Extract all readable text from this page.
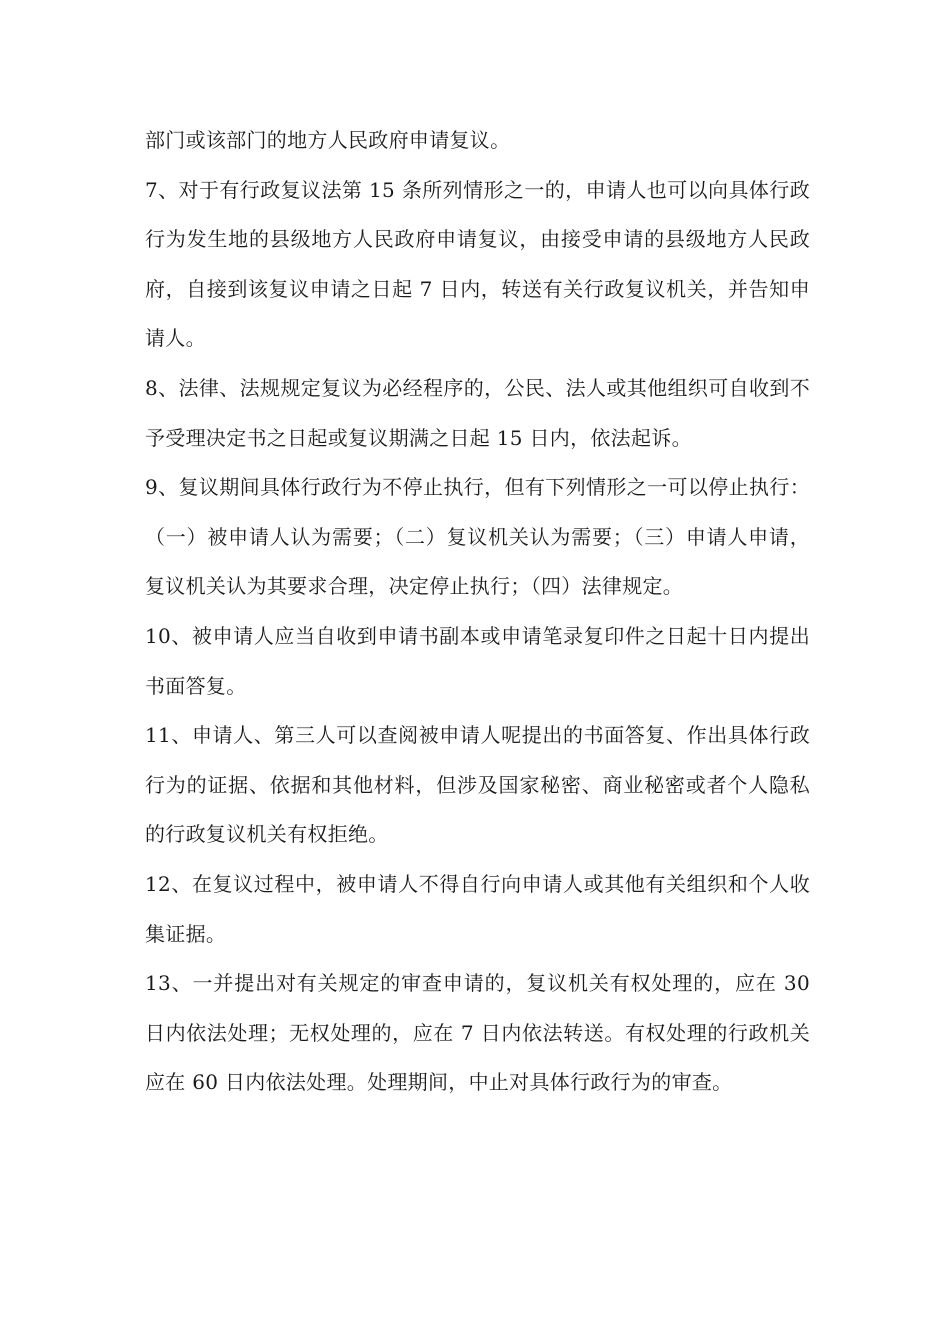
部门或该部门的地方人民政府申请复议。

7、对于有行政复议法第 15 条所列情形之一的，申请人也可以向具体行政行为发生地的县级地方人民政府申请复议，由接受申请的县级地方人民政府，自接到该复议申请之日起 7 日内，转送有关行政复议机关，并告知申请人。

8、法律、法规规定复议为必经程序的，公民、法人或其他组织可自收到不予受理决定书之日起或复议期满之日起 15 日内，依法起诉。

9、复议期间具体行政行为不停止执行，但有下列情形之一可以停止执行：（一）被申请人认为需要；（二）复议机关认为需要；（三）申请人申请，复议机关认为其要求合理，决定停止执行；（四）法律规定。

10、被申请人应当自收到申请书副本或申请笔录复印件之日起十日内提出书面答复。

11、申请人、第三人可以查阅被申请人呢提出的书面答复、作出具体行政行为的证据、依据和其他材料，但涉及国家秘密、商业秘密或者个人隐私的行政复议机关有权拒绝。

12、在复议过程中，被申请人不得自行向申请人或其他有关组织和个人收集证据。

13、一并提出对有关规定的审查申请的，复议机关有权处理的，应在 30 日内依法处理；无权处理的，应在 7 日内依法转送。有权处理的行政机关应在 60 日内依法处理。处理期间，中止对具体行政行为的审查。
